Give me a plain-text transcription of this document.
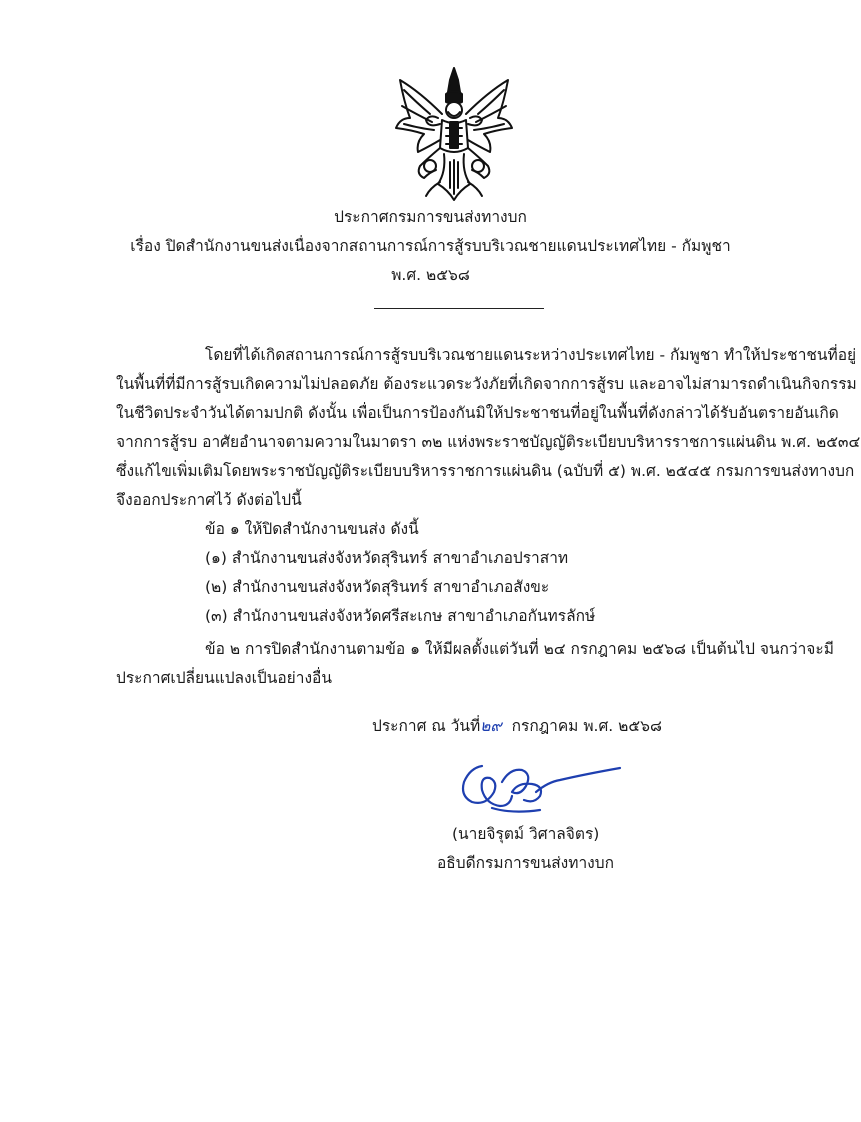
ประกาศกรมการขนส่งทางบก
เรื่อง ปิดสำนักงานขนส่งเนื่องจากสถานการณ์การสู้รบบริเวณชายแดนประเทศไทย - กัมพูชา
พ.ศ. ๒๕๖๘
โดยที่ได้เกิดสถานการณ์การสู้รบบริเวณชายแดนระหว่างประเทศไทย - กัมพูชา ทำให้ประชาชนที่อยู่
ในพื้นที่ที่มีการสู้รบเกิดความไม่ปลอดภัย ต้องระแวดระวังภัยที่เกิดจากการสู้รบ และอาจไม่สามารถดำเนินกิจกรรม
ในชีวิตประจำวันได้ตามปกติ ดังนั้น เพื่อเป็นการป้องกันมิให้ประชาชนที่อยู่ในพื้นที่ดังกล่าวได้รับอันตรายอันเกิด
จากการสู้รบ อาศัยอำนาจตามความในมาตรา ๓๒ แห่งพระราชบัญญัติระเบียบบริหารราชการแผ่นดิน พ.ศ. ๒๕๓๔
ซึ่งแก้ไขเพิ่มเติมโดยพระราชบัญญัติระเบียบบริหารราชการแผ่นดิน (ฉบับที่ ๕) พ.ศ. ๒๕๔๕ กรมการขนส่งทางบก
จึงออกประกาศไว้ ดังต่อไปนี้
ข้อ ๑ ให้ปิดสำนักงานขนส่ง ดังนี้
(๑) สำนักงานขนส่งจังหวัดสุรินทร์ สาขาอำเภอปราสาท
(๒) สำนักงานขนส่งจังหวัดสุรินทร์ สาขาอำเภอสังขะ
(๓) สำนักงานขนส่งจังหวัดศรีสะเกษ สาขาอำเภอกันทรลักษ์
ข้อ ๒ การปิดสำนักงานตามข้อ ๑ ให้มีผลตั้งแต่วันที่ ๒๔ กรกฎาคม ๒๕๖๘ เป็นต้นไป จนกว่าจะมี
ประกาศเปลี่ยนแปลงเป็นอย่างอื่น
ประกาศ ณ วันที่๒๙ กรกฎาคม พ.ศ. ๒๕๖๘
(นายจิรุตม์ วิศาลจิตร)
อธิบดีกรมการขนส่งทางบก
